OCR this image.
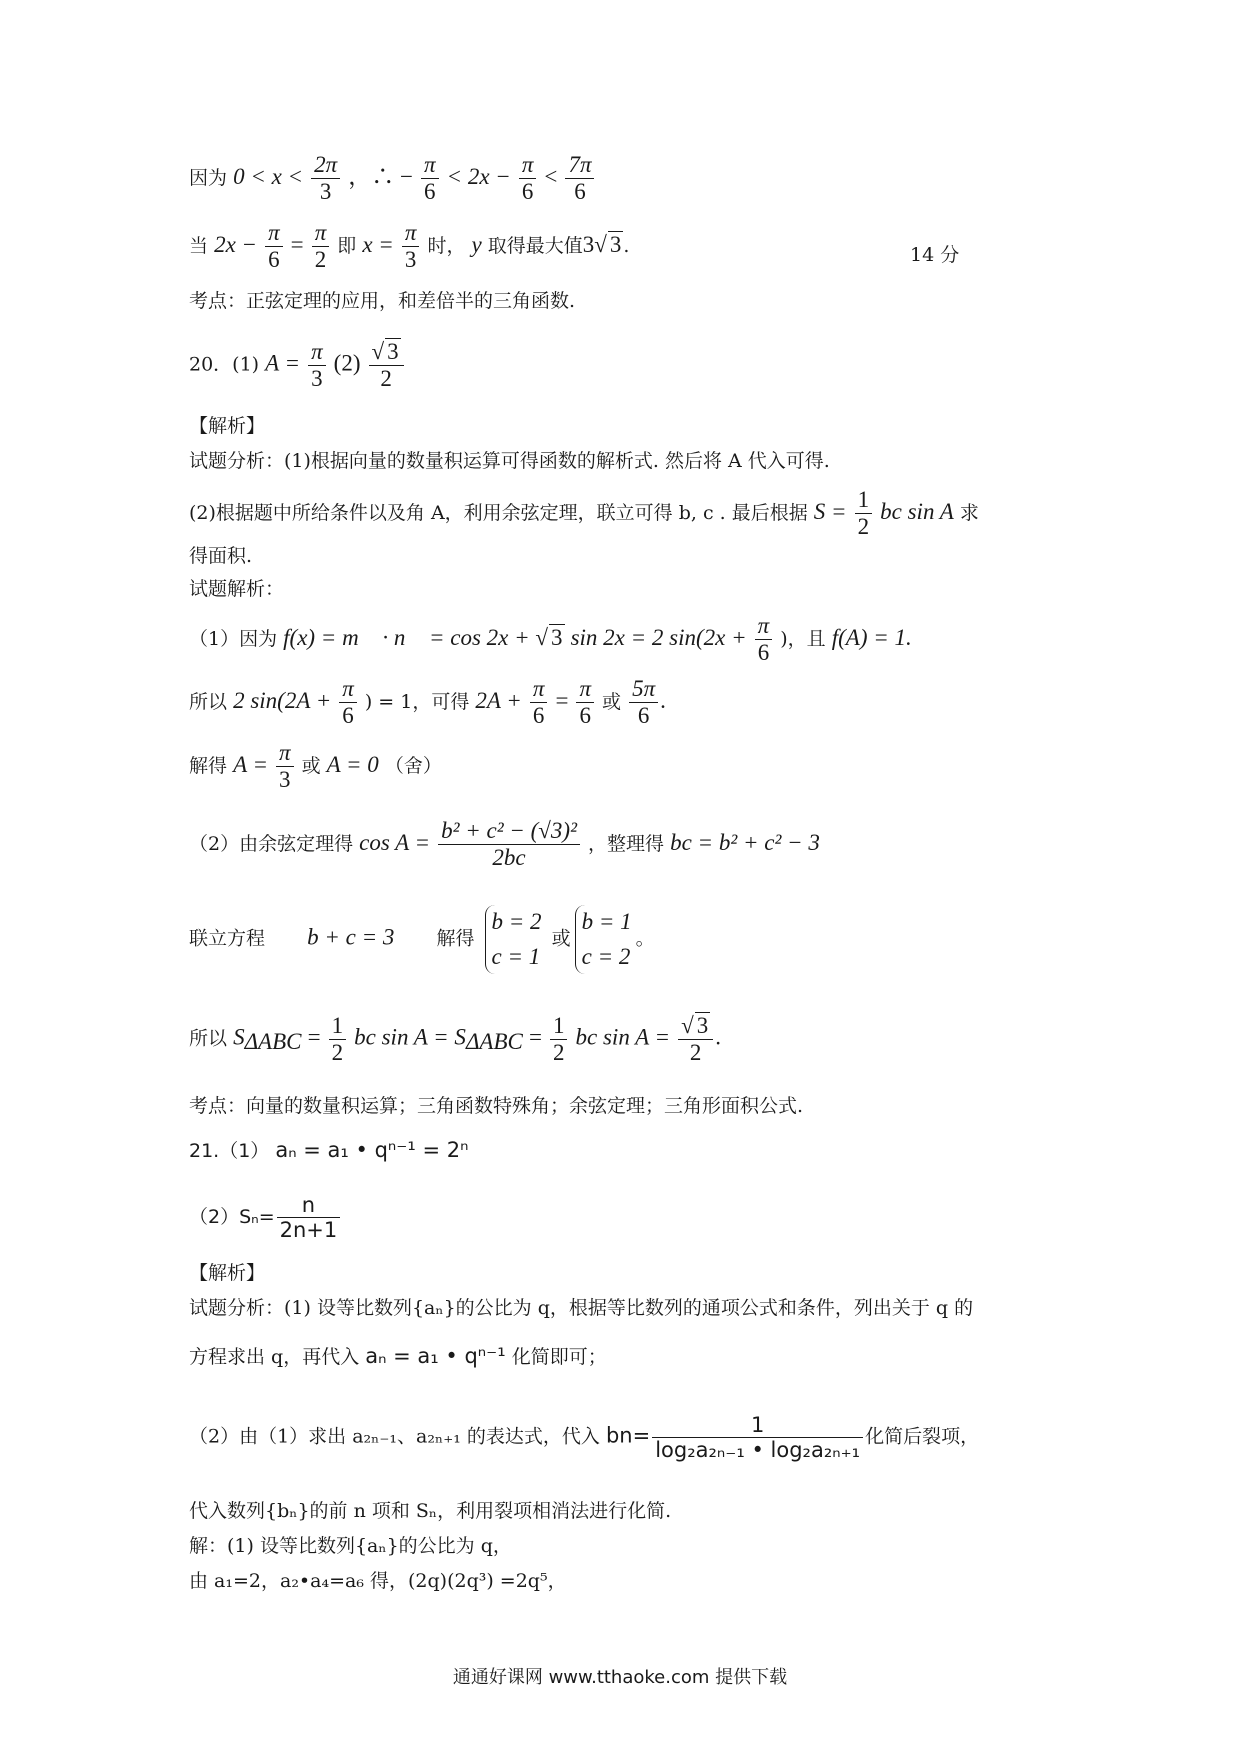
因为 $0 < x < \frac{2\pi}{3}$ ，∴ − $\frac{\pi}{6} < 2x - \frac{\pi}{6} < \frac{7\pi}{6}$
当 $2x - \frac{\pi}{6} = \frac{\pi}{2}$ 即 $x = \frac{\pi}{3}$ 时， y 取得最大值3√ 3 .	14 分
考点：正弦定理的应用，和差倍半的三角函数.
20．(1) $A = \frac{\pi}{3} (2) \frac{√ 3}{2}$
【解析】
试题分析：(1)根据向量的数量积运算可得函数的解析式. 然后将 A 代入可得.
(2)根据题中所给条件以及角 A，利用余弦定理，联立可得 b, c . 最后根据 $S = \frac{1}{2}$ bc sin A 求
得面积.
试题解析：
（1）因为 f(x) = m⃗ · n⃗ = cos 2x + √ 3 sin 2x = 2 $\sin(2x + \frac{\pi}{6}$ )，且 f(A) = 1.
所以 2 $\sin(2A + \frac{\pi}{6}$ ) = 1，可得 $2A + \frac{\pi}{6} = \frac{\pi}{6}$ 或 $\frac{5\pi}{6}$ .
解得 $A = \frac{\pi}{3}$ 或 A = 0 （舍）
（2）由余弦定理得 $\cos A = \frac{\text{b² + c² − (√3)²}}{2bc}$ ，整理得 bc = b² + c² − 3
联立方程 b + c = 3 解得
b = 2
c = 1
或
b = 1
c = 2
。
所以 $S_{\Delta ABC} = \frac{1}{2}$ bc $\sin A = S_{\Delta ABC} = \frac{1}{2}$ bc $\sin A = \frac{√ 3}{2}$ .
考点：向量的数量积运算；三角函数特殊角；余弦定理；三角形面积公式.
21.（1） aₙ = a₁ • qⁿ⁻¹ = 2ⁿ
$(2)S_n= \frac{n}{2n+1}$
【解析】
试题分析：(1) 设等比数列{aₙ}的公比为 q，根据等比数列的通项公式和条件，列出关于 q 的
方程求出 q，再代入 aₙ = a₁ • qⁿ⁻¹ 化简即可；
（2）由（1）求出 a₂ₙ₋₁、a₂ₙ₊₁ 的表达式，代入 $bn= \frac{1}{\text{log₂a₂ₙ₋₁ • log₂a₂ₙ₊₁}}$ 化简后裂项，
代入数列{bₙ}的前 n 项和 Sₙ，利用裂项相消法进行化简.
解：(1) 设等比数列{aₙ}的公比为 q，
由 a₁=2，a₂•a₄=a₆ 得，(2q)(2q³) =2q⁵，
通通好课网 www.tthaoke.com 提供下载
